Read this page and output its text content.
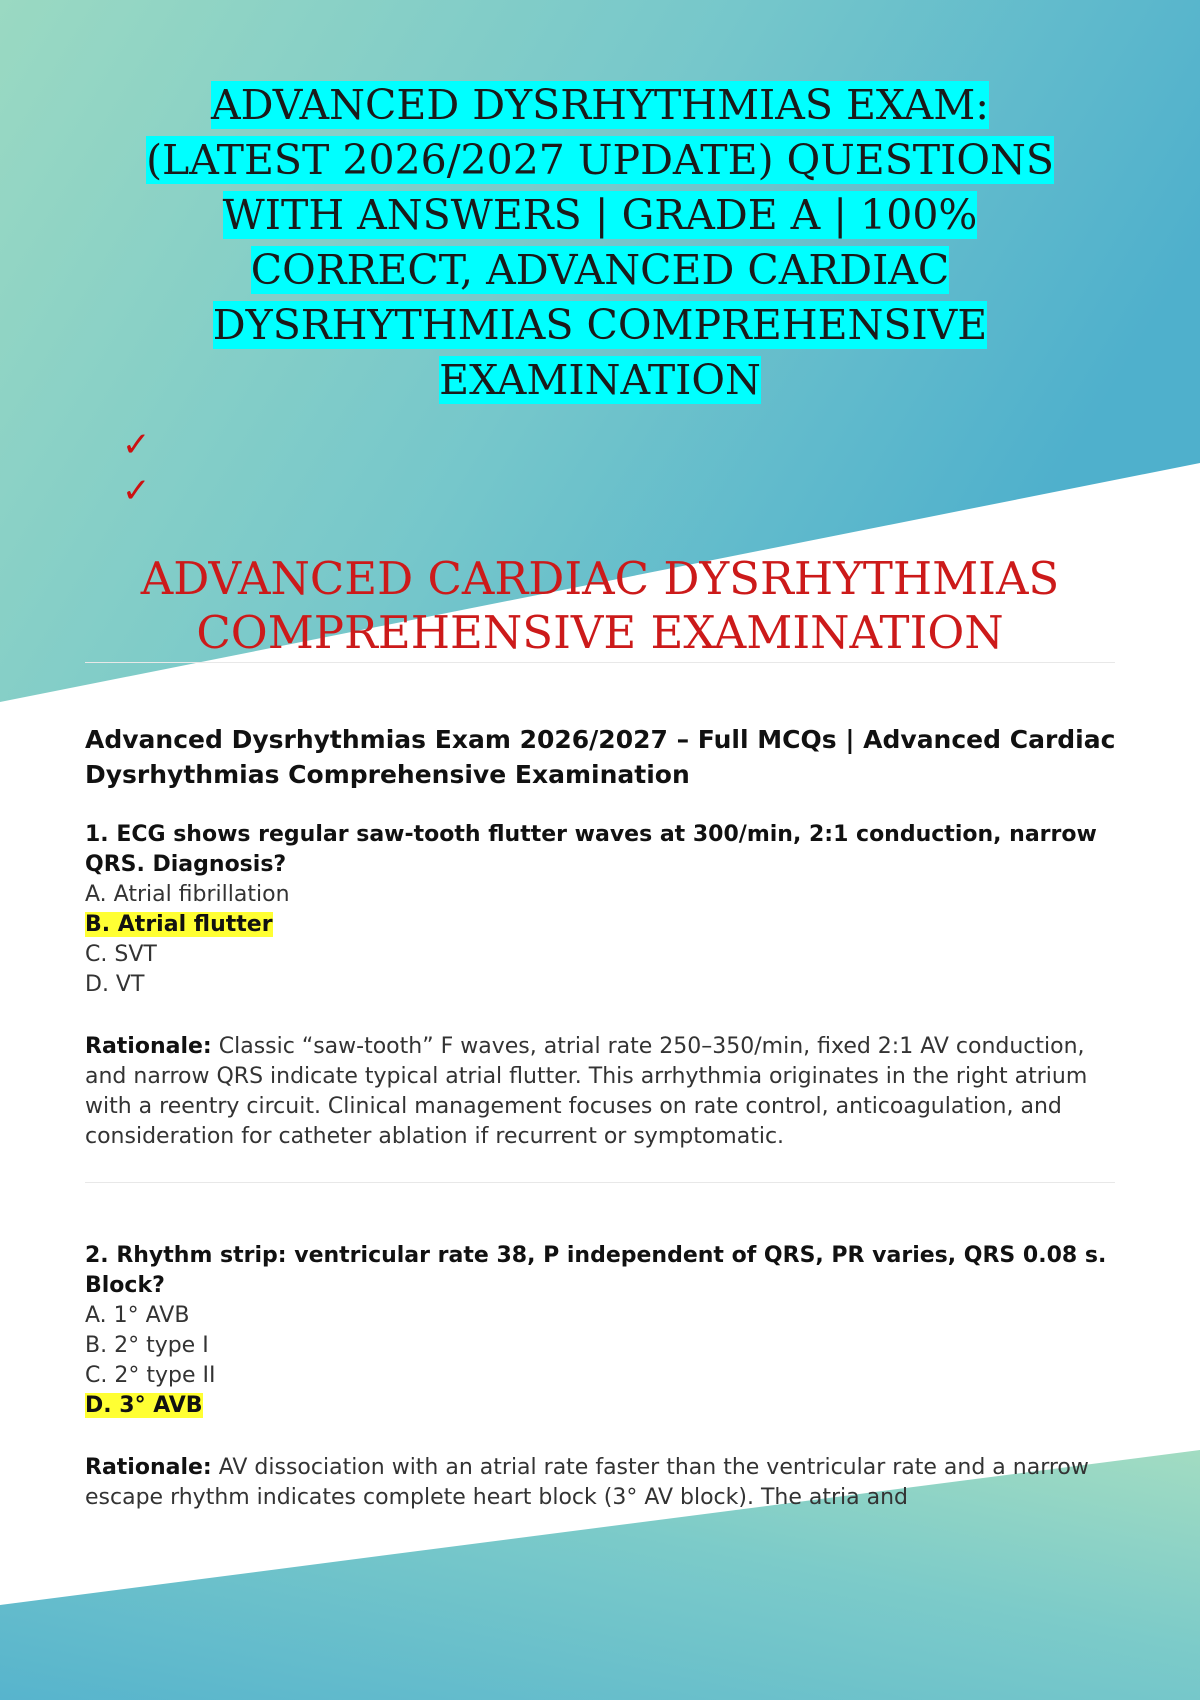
ADVANCED DYSRHYTHMIAS EXAM:
(LATEST 2026/2027 UPDATE) QUESTIONS
WITH ANSWERS | GRADE A | 100%
CORRECT, ADVANCED CARDIAC
DYSRHYTHMIAS COMPREHENSIVE
EXAMINATION
✓
✓
ADVANCED CARDIAC DYSRHYTHMIAS COMPREHENSIVE EXAMINATION
Advanced Dysrhythmias Exam 2026/2027 – Full MCQs | Advanced Cardiac Dysrhythmias Comprehensive Examination

1. ECG shows regular saw-tooth flutter waves at 300/min, 2:1 conduction, narrow QRS. Diagnosis?

A. Atrial fibrillation
B. Atrial flutter
C. SVT
D. VT
Rationale: Classic “saw-tooth” F waves, atrial rate 250–350/min, fixed 2:1 AV conduction, and narrow QRS indicate typical atrial flutter. This arrhythmia originates in the right atrium with a reentry circuit. Clinical management focuses on rate control, anticoagulation, and consideration for catheter ablation if recurrent or symptomatic.

2. Rhythm strip: ventricular rate 38, P independent of QRS, PR varies, QRS 0.08 s. Block?

A. 1° AVB
B. 2° type I
C. 2° type II
D. 3° AVB
Rationale: AV dissociation with an atrial rate faster than the ventricular rate and a narrow escape rhythm indicates complete heart block (3° AV block). The atria and
